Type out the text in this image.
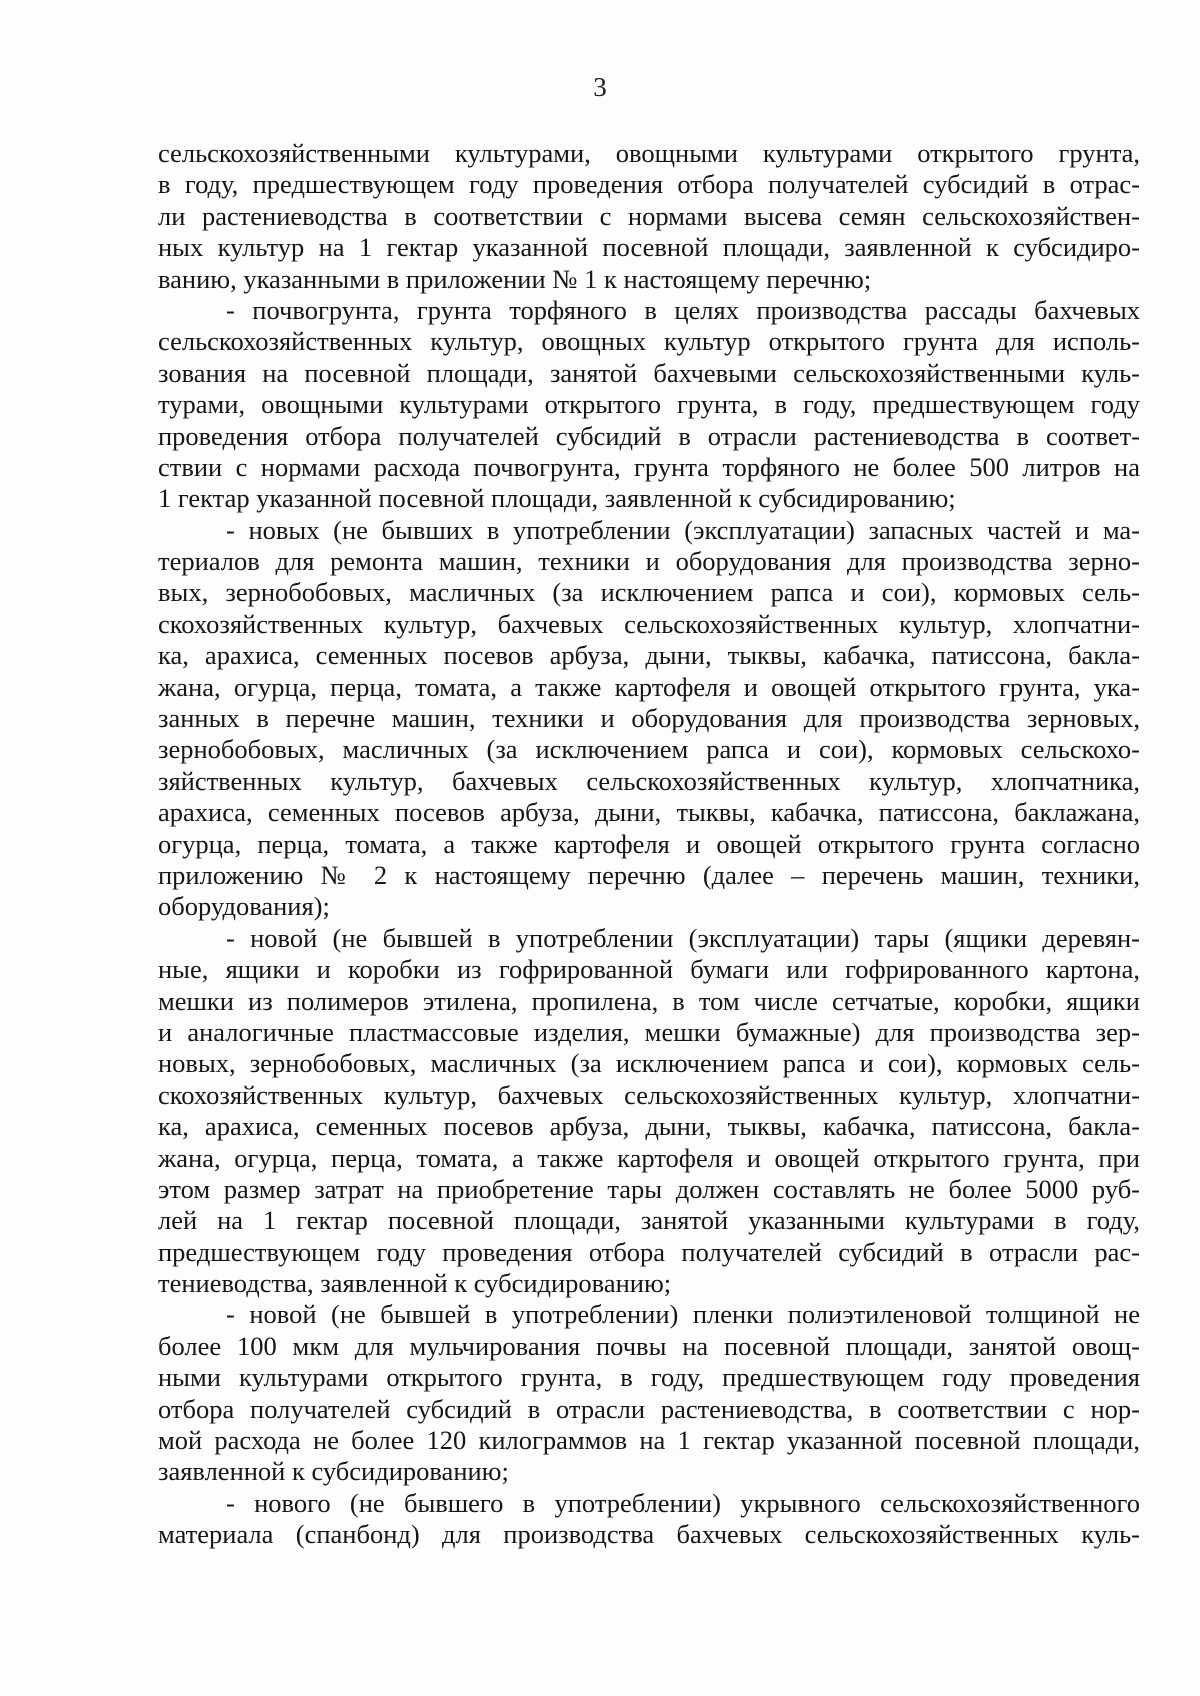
3
сельскохозяйственными культурами, овощными культурами открытого грунта,
в году, предшествующем году проведения отбора получателей субсидий в отрас-
ли растениеводства в соответствии с нормами высева семян сельскохозяйствен-
ных культур на 1 гектар указанной посевной площади, заявленной к субсидиро-
ванию, указанными в приложении № 1 к настоящему перечню;
- почвогрунта, грунта торфяного в целях производства рассады бахчевых
сельскохозяйственных культур, овощных культур открытого грунта для исполь-
зования на посевной площади, занятой бахчевыми сельскохозяйственными куль-
турами, овощными культурами открытого грунта, в году, предшествующем году
проведения отбора получателей субсидий в отрасли растениеводства в соответ-
ствии с нормами расхода почвогрунта, грунта торфяного не более 500 литров на
1 гектар указанной посевной площади, заявленной к субсидированию;
- новых (не бывших в употреблении (эксплуатации) запасных частей и ма-
териалов для ремонта машин, техники и оборудования для производства зерно-
вых, зернобобовых, масличных (за исключением рапса и сои), кормовых сель-
скохозяйственных культур, бахчевых сельскохозяйственных культур, хлопчатни-
ка, арахиса, семенных посевов арбуза, дыни, тыквы, кабачка, патиссона, бакла-
жана, огурца, перца, томата, а также картофеля и овощей открытого грунта, ука-
занных в перечне машин, техники и оборудования для производства зерновых,
зернобобовых, масличных (за исключением рапса и сои), кормовых сельскохо-
зяйственных культур, бахчевых сельскохозяйственных культур, хлопчатника,
арахиса, семенных посевов арбуза, дыни, тыквы, кабачка, патиссона, баклажана,
огурца, перца, томата, а также картофеля и овощей открытого грунта согласно
приложению № 2 к настоящему перечню (далее – перечень машин, техники,
оборудования);
- новой (не бывшей в употреблении (эксплуатации) тары (ящики деревян-
ные, ящики и коробки из гофрированной бумаги или гофрированного картона,
мешки из полимеров этилена, пропилена, в том числе сетчатые, коробки, ящики
и аналогичные пластмассовые изделия, мешки бумажные) для производства зер-
новых, зернобобовых, масличных (за исключением рапса и сои), кормовых сель-
скохозяйственных культур, бахчевых сельскохозяйственных культур, хлопчатни-
ка, арахиса, семенных посевов арбуза, дыни, тыквы, кабачка, патиссона, бакла-
жана, огурца, перца, томата, а также картофеля и овощей открытого грунта, при
этом размер затрат на приобретение тары должен составлять не более 5000 руб-
лей на 1 гектар посевной площади, занятой указанными культурами в году,
предшествующем году проведения отбора получателей субсидий в отрасли рас-
тениеводства, заявленной к субсидированию;
- новой (не бывшей в употреблении) пленки полиэтиленовой толщиной не
более 100 мкм для мульчирования почвы на посевной площади, занятой овощ-
ными культурами открытого грунта, в году, предшествующем году проведения
отбора получателей субсидий в отрасли растениеводства, в соответствии с нор-
мой расхода не более 120 килограммов на 1 гектар указанной посевной площади,
заявленной к субсидированию;
- нового (не бывшего в употреблении) укрывного сельскохозяйственного
материала (спанбонд) для производства бахчевых сельскохозяйственных куль-
